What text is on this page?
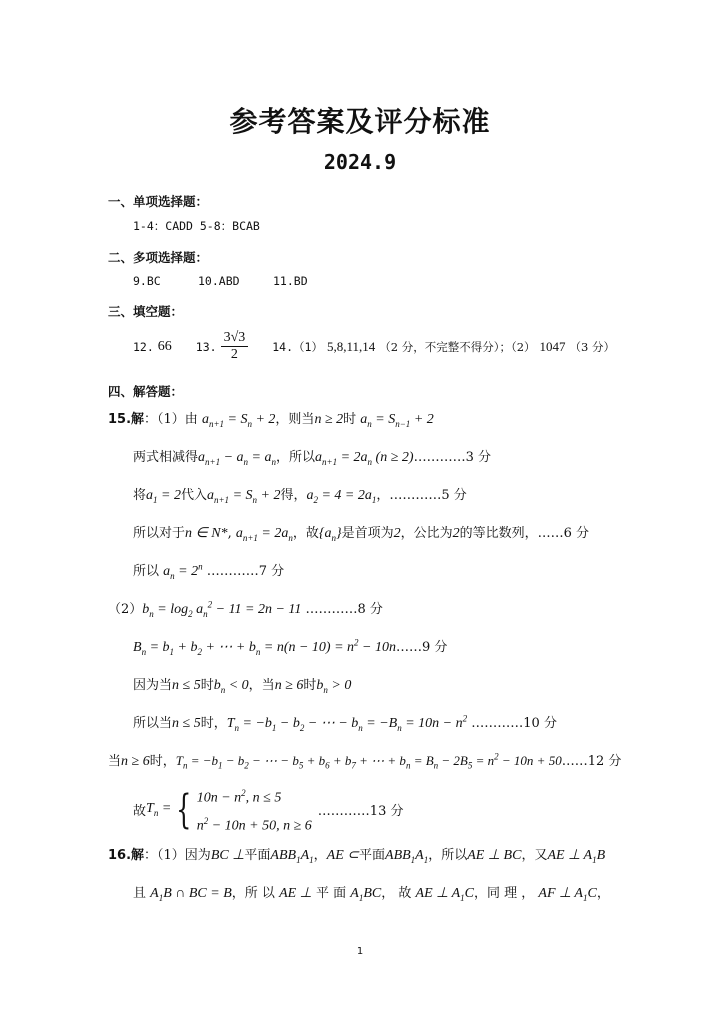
参考答案及评分标准
2024.9
一、单项选择题：
1-4：CADD 5-8：BCAB
二、多项选择题：
9.BC	10.ABD	11.BD
三、填空题：
12. 66 13. $\frac{3√3}{2} 14.(1)$ 5,8,11,14 （2 分，不完整不得分）；（2） 1047 （3 分）
四、解答题：
15.解：（1）由 $a_{n+1} = S_n + 2$，则当n ≥ 2时 $a_n = S_{n-1} + 2$
两式相减得$a_{n+1} - a_n = a_n$，所以$a_{n+1} = 2a_n$ (n ≥ 2)…………3 分
将$a_1 = 2$代入$a_{n+1} = S_n + 2$得，$a_2 = 4 = 2a_1$，…………5 分
所以对于n ∈ N*, $a_{n+1} = 2a_n$，故$\{a_n\}$是首项为2，公比为2的等比数列，……6 分
所以 $a_n = 2^n$ …………7 分
$(2)b_n = \log_2 a_n^2 - 11 = 2n - 11$ …………8 分
$B_n = b_1 + b_2$ + ⋯ + $b_n = n(n - 10) = n^2$ − 10n……9 分
因为当n ≤ 5时$b_n < 0$，当n ≥ 6时$b_n > 0$
所以当n ≤ 5时，$T_n = -b_1 - b_2$ − ⋯ − $b_n = -B_n = 10n - n^2$ …………10 分
当n ≥ 6时，$T_n = -b_1 - b_2$ − ⋯ − $b_5 + b_6 + b_7$ + ⋯ + $b_n = B_n - 2B_5 = n^2 - 10n$ + 50……12 分
故 $T_n$ = { $10n - n^2$, n ≤ 5
$n^2 - 10n + 50$, n ≥ 6
…………13 分
16.解：（1）因为BC ⊥平面$ABB_1A_1$，AE ⊂平面$ABB_1A_1$，所以AE ⊥ BC，又AE ⊥ $A_1B$
且 $A_1B$ ∩ BC = B，所 以 AE ⊥ 平 面 $A_1BC$， 故 AE ⊥ $A_1C$，同 理 ， AF ⊥ $A_1C$，
1
